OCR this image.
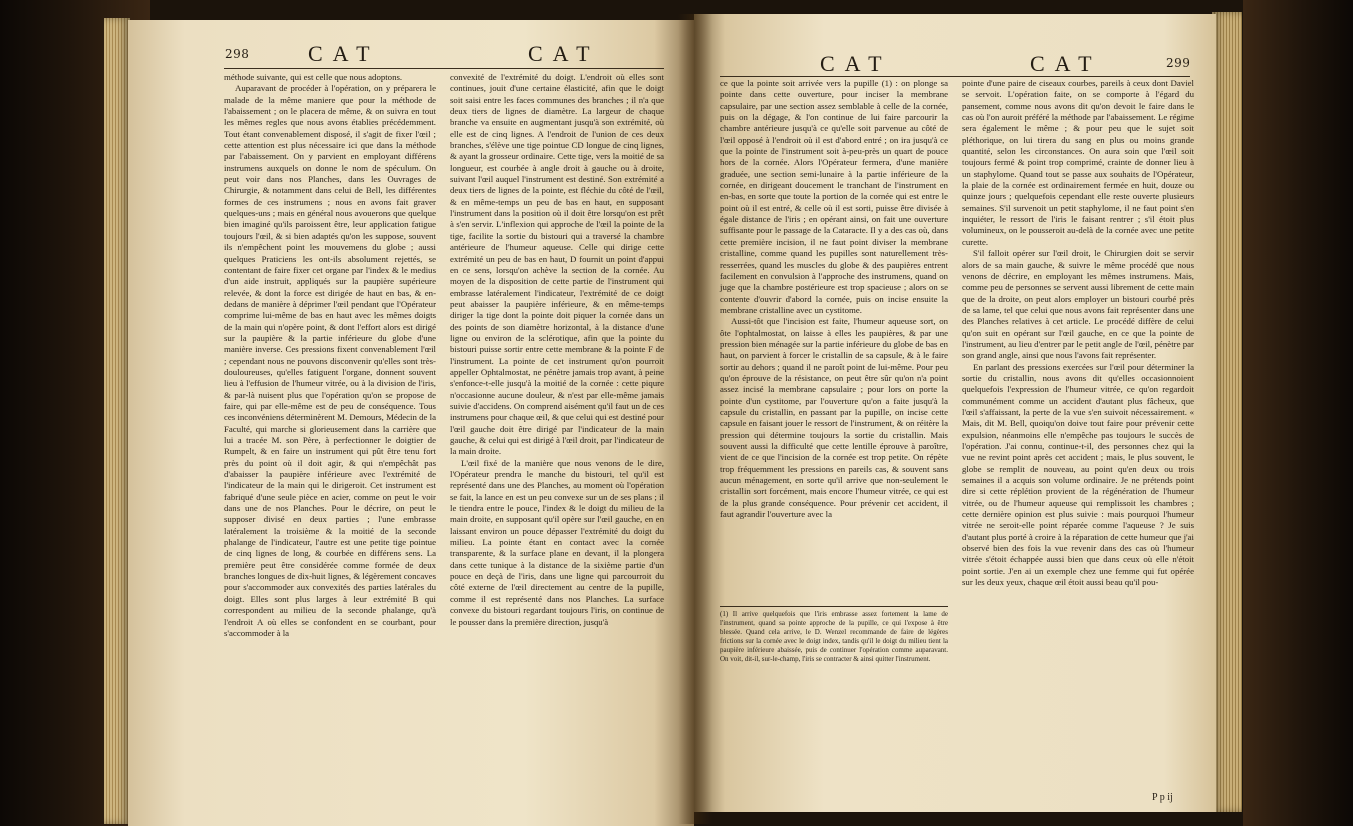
298	CAT	CAT

méthode suivante, qui est celle que nous adoptons.

Auparavant de procéder à l'opération, on y préparera le malade de la même maniere que pour la méthode de l'abaissement ; on le placera de même, & on suivra en tout les mêmes regles que nous avons établies précédemment. Tout étant convenablement disposé, il s'agit de fixer l'œil ; cette attention est plus nécessaire ici que dans la méthode par l'abaissement. On y parvient en employant différens instrumens auxquels on donne le nom de spéculum. On peut voir dans nos Planches, dans les Ouvrages de Chirurgie, & notamment dans celui de Bell, les différentes formes de ces instrumens ; nous en avons fait graver quelques-uns ; mais en général nous avouerons que quelque bien imaginé qu'ils paroissent être, leur application fatigue toujours l'œil, & si bien adaptés qu'on les suppose, souvent ils n'empêchent point les mouvemens du globe ; aussi quelques Praticiens les ont-ils absolument rejettés, se contentant de faire fixer cet organe par l'index & le medius d'un aide instruit, appliqués sur la paupière supérieure relevée, & dont la force est dirigée de haut en bas, & en-dedans de manière à déprimer l'œil pendant que l'Opérateur comprime lui-même de bas en haut avec les mêmes doigts de la main qui n'opère point, & dont l'effort alors est dirigé sur la paupière & la partie inférieure du globe d'une manière inverse. Ces pressions fixent convenablement l'œil ; cependant nous ne pouvons disconvenir qu'elles sont très-douloureuses, qu'elles fatiguent l'organe, donnent souvent lieu à l'effusion de l'humeur vitrée, ou à la division de l'iris, & par-là nuisent plus que l'opération qu'on se propose de faire, qui par elle-même est de peu de conséquence. Tous ces inconvéniens déterminèrent M. Demours, Médecin de la Faculté, qui marche si glorieusement dans la carrière que lui a tracée M. son Père, à perfectionner le doigtier de Rumpelt, & en faire un instrument qui pût être tenu fort près du point où il doit agir, & qui n'empêchât pas d'abaisser la paupière inférieure avec l'extrémité de l'indicateur de la main qui le dirigeroit. Cet instrument est fabriqué d'une seule pièce en acier, comme on peut le voir dans une de nos Planches. Pour le décrire, on peut le supposer divisé en deux parties ; l'une embrasse latéralement la troisième & la moitié de la seconde phalange de l'indicateur, l'autre est une petite tige pointue de cinq lignes de long, & courbée en différens sens. La première peut être considérée comme formée de deux branches longues de dix-huit lignes, & légèrement concaves pour s'accommoder aux convexités des parties latérales du doigt. Elles sont plus larges à leur extrémité B qui correspondent au milieu de la seconde phalange, qu'à l'endroit A où elles se confondent en se courbant, pour s'accommoder à la

convexité de l'extrémité du doigt. L'endroit où elles sont continues, jouit d'une certaine élasticité, afin que le doigt soit saisi entre les faces communes des branches ; il n'a que deux tiers de lignes de diamètre. La largeur de chaque branche va ensuite en augmentant jusqu'à son extrémité, où elle est de cinq lignes. A l'endroit de l'union de ces deux branches, s'élève une tige pointue CD longue de cinq lignes, & ayant la grosseur ordinaire. Cette tige, vers la moitié de sa longueur, est courbée à angle droit à gauche ou à droite, suivant l'œil auquel l'instrument est destiné. Son extrémité a deux tiers de lignes de la pointe, est fléchie du côté de l'œil, & en même-temps un peu de bas en haut, en supposant l'instrument dans la position où il doit être lorsqu'on est prêt à s'en servir. L'inflexion qui approche de l'œil la pointe de la tige, facilite la sortie du bistouri qui a traversé la chambre antérieure de l'humeur aqueuse. Celle qui dirige cette extrémité un peu de bas en haut, D fournit un point d'appui en ce sens, lorsqu'on achève la section de la cornée. Au moyen de la disposition de cette partie de l'instrument qui embrasse latéralement l'indicateur, l'extrémité de ce doigt peut abaisser la paupière inférieure, & en même-temps diriger la tige dont la pointe doit piquer la cornée dans un des points de son diamètre horizontal, à la distance d'une ligne ou environ de la sclérotique, afin que la pointe du bistouri puisse sortir entre cette membrane & la pointe F de l'instrument. La pointe de cet instrument qu'on pourroit appeller Ophtalmostat, ne pénètre jamais trop avant, à peine s'enfonce-t-elle jusqu'à la moitié de la cornée : cette piqure n'occasionne aucune douleur, & n'est par elle-même jamais suivie d'accidens. On comprend aisément qu'il faut un de ces instrumens pour chaque œil, & que celui qui est destiné pour l'œil gauche doit être dirigé par l'indicateur de la main gauche, & celui qui est dirigé à l'œil droit, par l'indicateur de la main droite.

L'œil fixé de la manière que nous venons de le dire, l'Opérateur prendra le manche du bistouri, tel qu'il est représenté dans une des Planches, au moment où l'opération se fait, la lance en est un peu convexe sur un de ses plans ; il le tiendra entre le pouce, l'index & le doigt du milieu de la main droite, en supposant qu'il opère sur l'œil gauche, en en laissant environ un pouce dépasser l'extrémité du doigt du milieu. La pointe étant en contact avec la cornée transparente, & la surface plane en devant, il la plongera dans cette tunique à la distance de la sixième partie d'un pouce en deçà de l'iris, dans une ligne qui parcourroit du côté externe de l'œil directement au centre de la pupille, comme il est représenté dans nos Planches. La surface convexe du bistouri regardant toujours l'iris, on continue de le pousser dans la première direction, jusqu'à

CAT	CAT	299

ce que la pointe soit arrivée vers la pupille (1) : on plonge sa pointe dans cette ouverture, pour inciser la membrane capsulaire, par une section assez semblable à celle de la cornée, puis on la dégage, & l'on continue de lui faire parcourir la chambre antérieure jusqu'à ce qu'elle soit parvenue au côté de l'œil opposé à l'endroit où il est d'abord entré ; on ira jusqu'à ce que la pointe de l'instrument soit à-peu-près un quart de pouce hors de la cornée. Alors l'Opérateur fermera, d'une manière graduée, une section semi-lunaire à la partie inférieure de la cornée, en dirigeant doucement le tranchant de l'instrument en en-bas, en sorte que toute la portion de la cornée qui est entre le point où il est entré, & celle où il est sorti, puisse être divisée à égale distance de l'iris ; en opérant ainsi, on fait une ouverture suffisante pour le passage de la Cataracte. Il y a des cas où, dans cette première incision, il ne faut point diviser la membrane cristalline, comme quand les pupilles sont naturellement très-resserrées, quand les muscles du globe & des paupières entrent facilement en convulsion à l'approche des instrumens, quand on juge que la chambre postérieure est trop spacieuse ; alors on se contente d'ouvrir d'abord la cornée, puis on incise ensuite la membrane cristalline avec un cystitome.

Aussi-tôt que l'incision est faite, l'humeur aqueuse sort, on ôte l'ophtalmostat, on laisse à elles les paupières, & par une pression bien ménagée sur la partie inférieure du globe de bas en haut, on parvient à forcer le cristallin de sa capsule, & à le faire sortir au dehors ; quand il ne paroît point de lui-même. Pour peu qu'on éprouve de la résistance, on peut être sûr qu'on n'a point assez incisé la membrane capsulaire ; pour lors on porte la pointe d'un cystitome, par l'ouverture qu'on a faite jusqu'à la capsule du cristallin, en passant par la pupille, on incise cette capsule en faisant jouer le ressort de l'instrument, & on réitère la pression qui détermine toujours la sortie du cristallin. Mais souvent aussi la difficulté que cette lentille éprouve à paroître, vient de ce que l'incision de la cornée est trop petite. On répète trop fréquemment les pressions en pareils cas, & souvent sans aucun ménagement, en sorte qu'il arrive que non-seulement le cristallin sort forcément, mais encore l'humeur vitrée, ce qui est de la plus grande conséquence. Pour prévenir cet accident, il faut agrandir l'ouverture avec la

(1) Il arrive quelquefois que l'iris embrasse assez fortement la lame de l'instrument, quand sa pointe approche de la pupille, ce qui l'expose à être blessée. Quand cela arrive, le D. Wenzel recommande de faire de légères frictions sur la cornée avec le doigt index, tandis qu'il le doigt du milieu tient la paupière inférieure abaissée, puis de continuer l'opération comme auparavant. On voit, dit-il, sur-le-champ, l'iris se contracter & ainsi quitter l'instrument.

pointe d'une paire de ciseaux courbes, pareils à ceux dont Daviel se servoit. L'opération faite, on se comporte à l'égard du pansement, comme nous avons dit qu'on devoit le faire dans le cas où l'on auroit préféré la méthode par l'abaissement. Le régime sera également le même ; & pour peu que le sujet soit pléthorique, on lui tirera du sang en plus ou moins grande quantité, selon les circonstances. On aura soin que l'œil soit toujours fermé & point trop comprimé, crainte de donner lieu à un staphylome. Quand tout se passe aux souhaits de l'Opérateur, la plaie de la cornée est ordinairement fermée en huit, douze ou quinze jours ; quelquefois cependant elle reste ouverte plusieurs semaines. S'il survenoit un petit staphylome, il ne faut point s'en inquiéter, le ressort de l'iris le faisant rentrer ; s'il étoit plus volumineux, on le pousseroit au-delà de la cornée avec une petite curette.

S'il falloit opérer sur l'œil droit, le Chirurgien doit se servir alors de sa main gauche, & suivre le même procédé que nous venons de décrire, en employant les mêmes instrumens. Mais, comme peu de personnes se servent aussi librement de cette main que de la droite, on peut alors employer un bistouri courbé près de sa lame, tel que celui que nous avons fait représenter dans une des Planches relatives à cet article. Le procédé diffère de celui qu'on suit en opérant sur l'œil gauche, en ce que la pointe de l'instrument, au lieu d'entrer par le petit angle de l'œil, pénètre par son grand angle, ainsi que nous l'avons fait représenter.

En parlant des pressions exercées sur l'œil pour déterminer la sortie du cristallin, nous avons dit qu'elles occasionnoient quelquefois l'expression de l'humeur vitrée, ce qu'on regardoit communément comme un accident d'autant plus fâcheux, que l'œil s'affaissant, la perte de la vue s'en suivoit nécessairement. « Mais, dit M. Bell, quoiqu'on doive tout faire pour prévenir cette expulsion, néanmoins elle n'empêche pas toujours le succès de l'opération. J'ai connu, continue-t-il, des personnes chez qui la vue ne revint point après cet accident ; mais, le plus souvent, le globe se remplit de nouveau, au point qu'en deux ou trois semaines il a acquis son volume ordinaire. Je ne prétends point dire si cette réplétion provient de la régénération de l'humeur vitrée, ou de l'humeur aqueuse qui remplissoit les chambres ; cette dernière opinion est plus suivie : mais pourquoi l'humeur vitrée ne seroit-elle point réparée comme l'aqueuse ? Je suis d'autant plus porté à croire à la réparation de cette humeur que j'ai observé bien des fois la vue revenir dans des cas où l'humeur vitrée s'étoit échappée aussi bien que dans ceux où elle n'étoit point sortie. J'en ai un exemple chez une femme qui fut opérée sur les deux yeux, chaque œil étoit aussi beau qu'il pou-

P p ij
